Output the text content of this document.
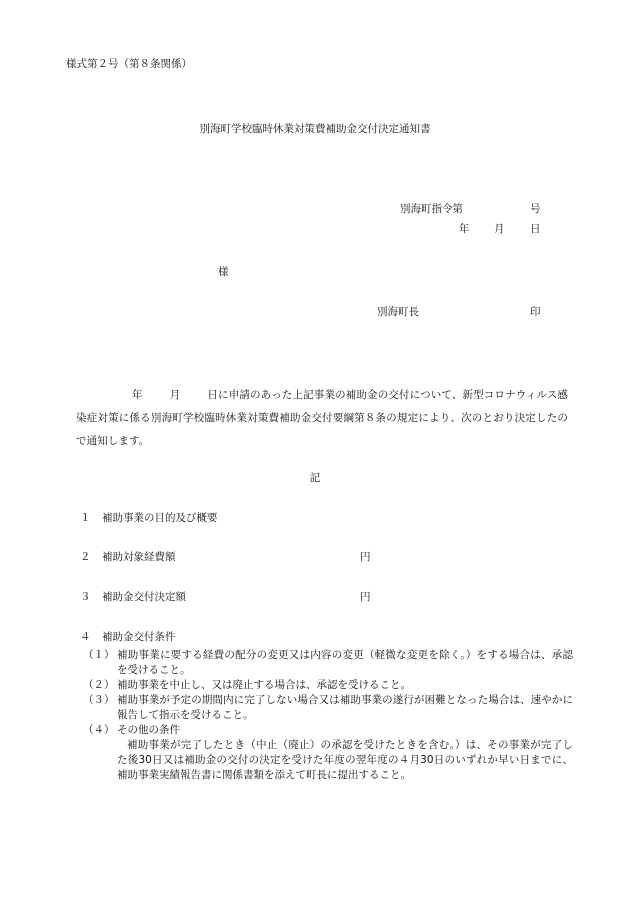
様式第２号（第８条関係）
別海町学校臨時休業対策費補助金交付決定通知書
別海町指令第	号
年 月 日
様
別海町長	印
年	月	日に申請のあった上記事業の補助金の交付について、新型コロナウィルス感染症対策に係る別海町学校臨時休業対策費補助金交付要綱第８条の規定により、次のとおり決定したので通知します。
記
１ 補助事業の目的及び概要
２ 補助対象経費額	円
３ 補助金交付決定額	円
４ 補助金交付条件
（１） 補助事業に要する経費の配分の変更又は内容の変更（軽微な変更を除く。）をする場合は、承認を受けること。
（２） 補助事業を中止し、又は廃止する場合は、承認を受けること。
（３） 補助事業が予定の期間内に完了しない場合又は補助事業の遂行が困難となった場合は、速やかに報告して指示を受けること。
（４） その他の条件
補助事業が完了したとき（中止（廃止）の承認を受けたときを含む。）は、その事業が完了した後30日又は補助金の交付の決定を受けた年度の翌年度の４月30日のいずれか早い日までに、補助事業実績報告書に関係書類を添えて町長に提出すること。
